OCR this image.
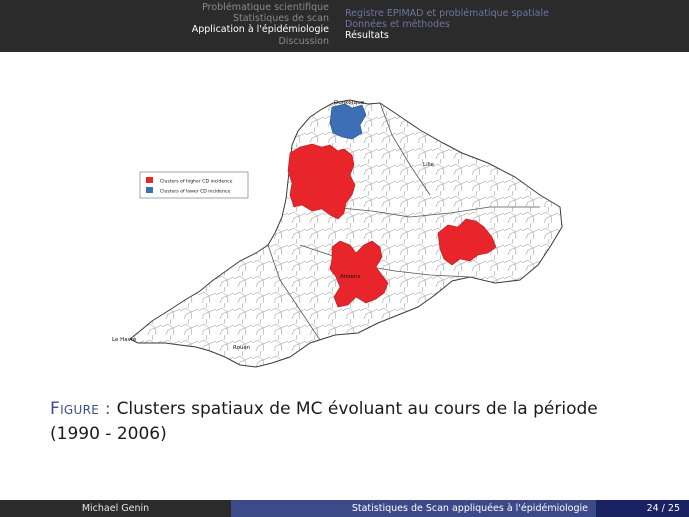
Problématique scientifique
Statistiques de scan
Application à l'épidémiologie
Discussion
Registre EPIMAD et problématique spatiale
Données et méthodes
Résultats
Dunkerque
Lille
Amiens
Le Havre
Rouen
Clusters of higher CD incidence
Clusters of lower CD incidence
Figure : Clusters spatiaux de MC évoluant au cours de la période (1990 - 2006)
Michael Genin	Statistiques de Scan appliquées à l'épidémiologie	24 / 25
